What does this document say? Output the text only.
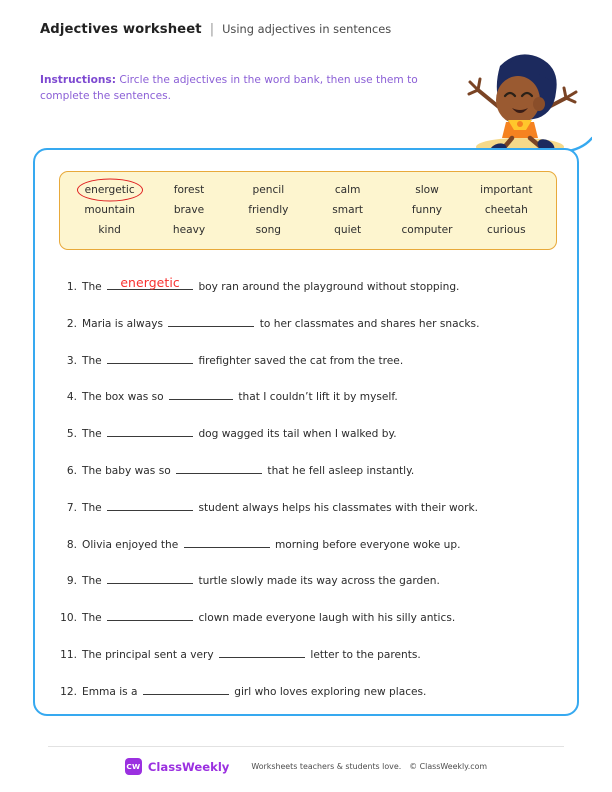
Adjectives worksheet | Using adjectives in sentences
Instructions: Circle the adjectives in the word bank, then use them to complete the sentences.
energetic	forest	pencil	calm	slow	important
mountain	brave	friendly	smart	funny	cheetah
kind	heavy	song	quiet	computer	curious
1. The	energetic	boy ran around the playground without stopping.
2. Maria is always	to her classmates and shares her snacks.
3. The	firefighter saved the cat from the tree.
4. The box was so	that I couldn’t lift it by myself.
5. The	dog wagged its tail when I walked by.
6. The baby was so	that he fell asleep instantly.
7. The	student always helps his classmates with their work.
8. Olivia enjoyed the	morning before everyone woke up.
9. The	turtle slowly made its way across the garden.
10. The	clown made everyone laugh with his silly antics.
11. The principal sent a very	letter to the parents.
12. Emma is a	girl who loves exploring new places.
CW ClassWeekly	Worksheets teachers & students love. © ClassWeekly.com
